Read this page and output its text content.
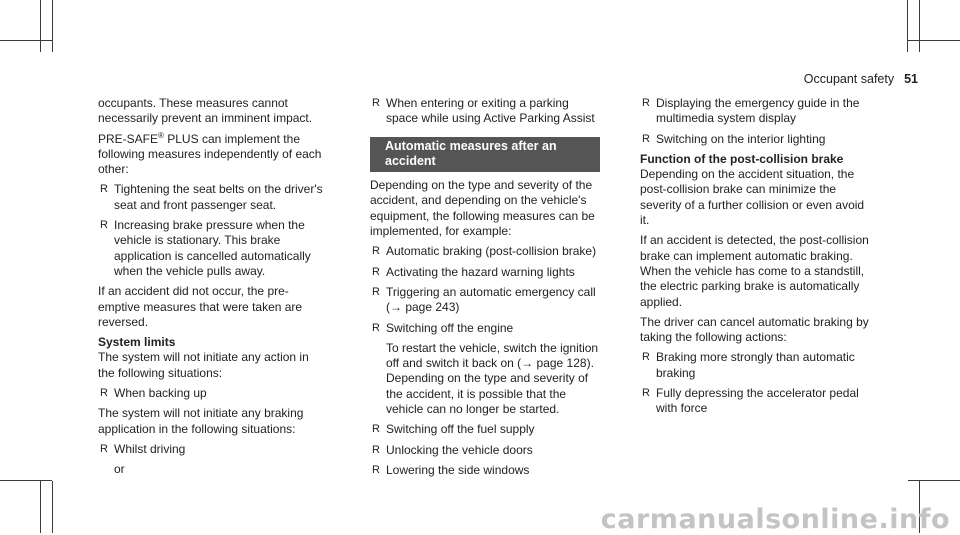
Occupant safety 51

occupants. These measures cannot necessarily prevent an imminent impact.

PRE-SAFE® PLUS can implement the following measures independently of each other:

R Tightening the seat belts on the driver's seat and front passenger seat.
R Increasing brake pressure when the vehicle is stationary. This brake application is cancelled automatically when the vehicle pulls away.

If an accident did not occur, the pre-emptive measures that were taken are reversed.

System limits

The system will not initiate any action in the following situations:

R When backing up

The system will not initiate any braking application in the following situations:

R Whilst driving
or
R When entering or exiting a parking space while using Active Parking Assist
Automatic measures after an accident

Depending on the type and severity of the accident, and depending on the vehicle's equipment, the following measures can be implemented, for example:

R Automatic braking (post-collision brake)
R Activating the hazard warning lights
R Triggering an automatic emergency call (→ page 243)
R Switching off the engine
To restart the vehicle, switch the ignition off and switch it back on (→ page 128). Depending on the type and severity of the accident, it is possible that the vehicle can no longer be started.
R Switching off the fuel supply
R Unlocking the vehicle doors
R Lowering the side windows
R Displaying the emergency guide in the multimedia system display
R Switching on the interior lighting
Function of the post-collision brake

Depending on the accident situation, the post-collision brake can minimize the severity of a further collision or even avoid it.

If an accident is detected, the post-collision brake can implement automatic braking. When the vehicle has come to a standstill, the electric parking brake is automatically applied.

The driver can cancel automatic braking by taking the following actions:

R Braking more strongly than automatic braking
R Fully depressing the accelerator pedal with force
carmanualsonline.info
